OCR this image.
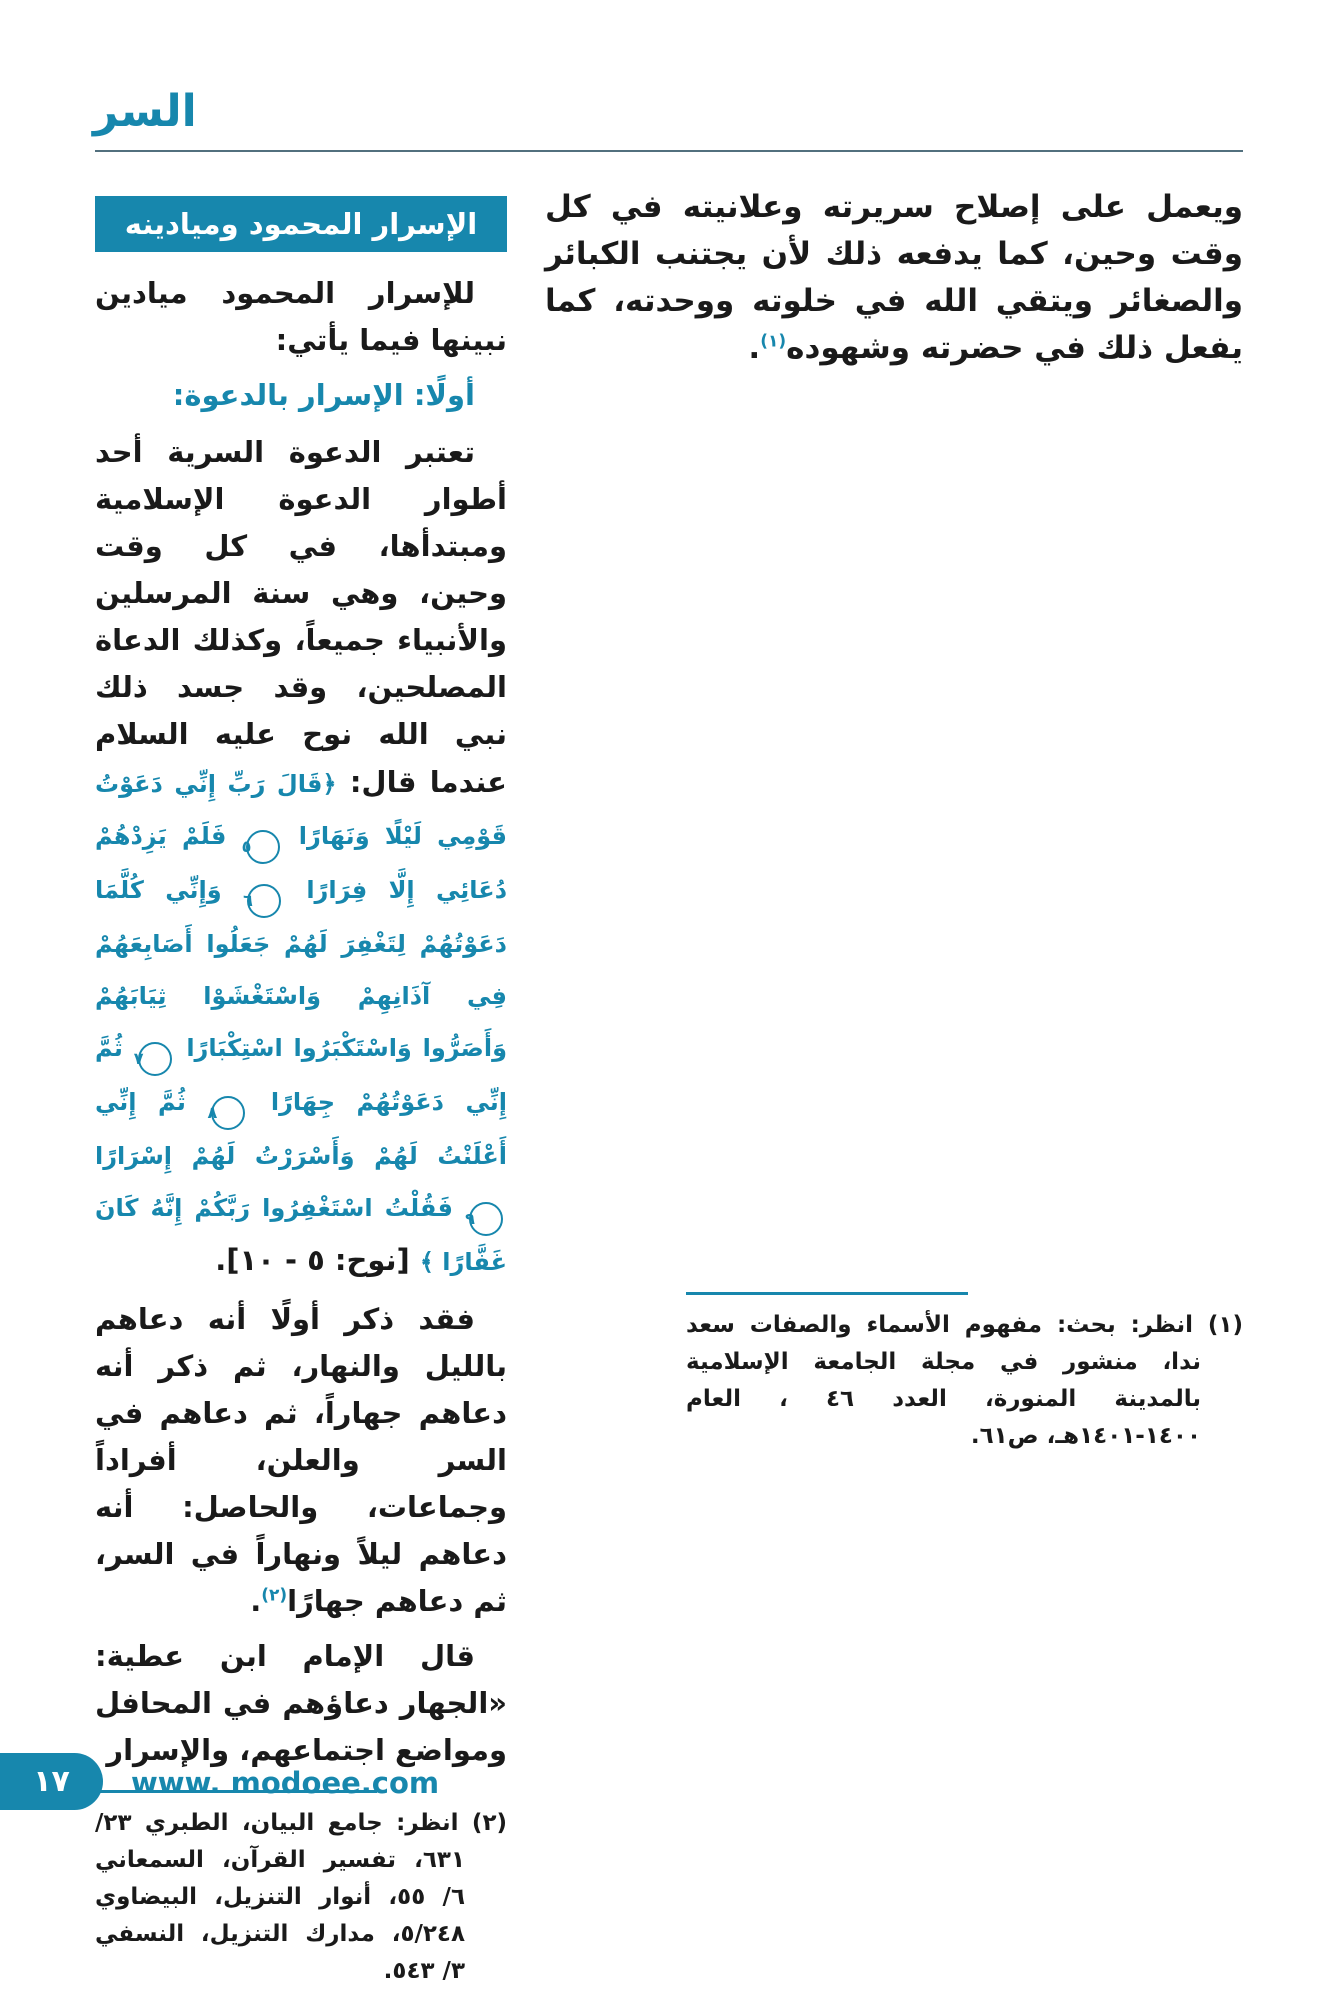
السر

ويعمل على إصلاح سريرته وعلانيته في كل وقت وحين، كما يدفعه ذلك لأن يجتنب الكبائر والصغائر ويتقي الله في خلوته ووحدته، كما يفعل ذلك في حضرته وشهوده$^{(١)}$.

الإسرار المحمود وميادينه

للإسرار المحمود ميادين نبينها فيما يأتي:

أولًا: الإسرار بالدعوة:

تعتبر الدعوة السرية أحد أطوار الدعوة الإسلامية ومبتدأها، في كل وقت وحين، وهي سنة المرسلين والأنبياء جميعاً، وكذلك الدعاة المصلحين، وقد جسد ذلك نبي الله نوح عليه السلام عندما قال: ﴿قَالَ رَبِّ إِنِّي دَعَوْتُ قَوْمِي لَيْلًا وَنَهَارًا ٥ فَلَمْ يَزِدْهُمْ دُعَائِي إِلَّا فِرَارًا ٦ وَإِنِّي كُلَّمَا دَعَوْتُهُمْ لِتَغْفِرَ لَهُمْ جَعَلُوا أَصَابِعَهُمْ فِي آذَانِهِمْ وَاسْتَغْشَوْا ثِيَابَهُمْ وَأَصَرُّوا وَاسْتَكْبَرُوا اسْتِكْبَارًا ٧ ثُمَّ إِنِّي دَعَوْتُهُمْ جِهَارًا ٨ ثُمَّ إِنِّي أَعْلَنْتُ لَهُمْ وَأَسْرَرْتُ لَهُمْ إِسْرَارًا ٩ فَقُلْتُ اسْتَغْفِرُوا رَبَّكُمْ إِنَّهُ كَانَ غَفَّارًا ﴾ [نوح: ٥ - ١٠].

فقد ذكر أولًا أنه دعاهم بالليل والنهار، ثم ذكر أنه دعاهم جهاراً، ثم دعاهم في السر والعلن، أفراداً وجماعات، والحاصل: أنه دعاهم ليلاً ونهاراً في السر، ثم دعاهم جهارًا$^{(٢)}$.

قال الإمام ابن عطية: «الجهار دعاؤهم في المحافل ومواضع اجتماعهم، والإسرار

(٢) انظر: جامع البيان، الطبري ٢٣/ ٦٣١، تفسير القرآن، السمعاني ٦/ ٥٥، أنوار التنزيل، البيضاوي ٥/٢٤٨، مدارك التنزيل، النسفي ٣/ ٥٤٣.

(١) انظر: بحث: مفهوم الأسماء والصفات سعد ندا، منشور في مجلة الجامعة الإسلامية بالمدينة المنورة، العدد ٤٦ ، العام ١٤٠٠-١٤٠١هـ، ص٦١.

١٧ www. modoee.com
